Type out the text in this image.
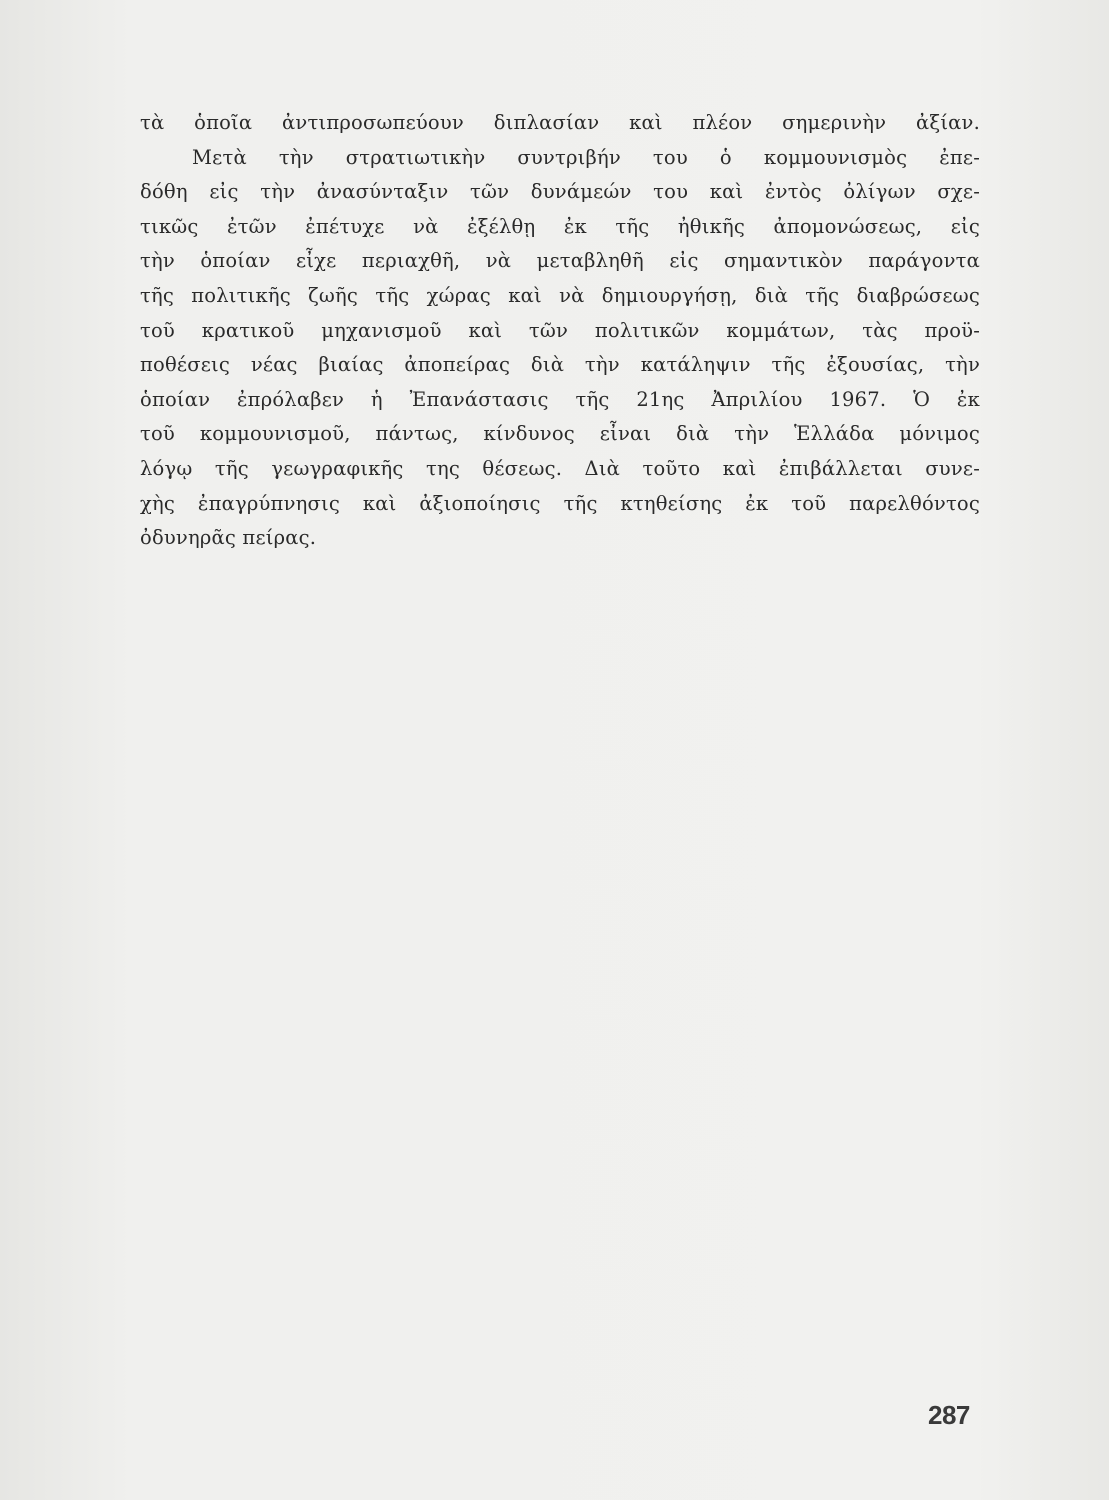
τὰ ὁποῖα ἀντιπροσωπεύουν διπλασίαν καὶ πλέον σημερινὴν ἀξίαν.
Μετὰ τὴν στρατιωτικὴν συντριβήν του ὁ κομμουνισμὸς ἐπε-
δόθη εἰς τὴν ἀνασύνταξιν τῶν δυνάμεών του καὶ ἐντὸς ὀλίγων σχε-
τικῶς ἐτῶν ἐπέτυχε νὰ ἐξέλθῃ ἐκ τῆς ἠθικῆς ἀπομονώσεως, εἰς
τὴν ὁποίαν εἶχε περιαχθῆ, νὰ μεταβληθῆ εἰς σημαντικὸν παράγοντα
τῆς πολιτικῆς ζωῆς τῆς χώρας καὶ νὰ δημιουργήσῃ, διὰ τῆς διαβρώσεως
τοῦ κρατικοῦ μηχανισμοῦ καὶ τῶν πολιτικῶν κομμάτων, τὰς προϋ-
ποθέσεις νέας βιαίας ἀποπείρας διὰ τὴν κατάληψιν τῆς ἐξουσίας, τὴν
ὁποίαν ἐπρόλαβεν ἡ Ἐπανάστασις τῆς 21ης Ἀπριλίου 1967. Ὁ ἐκ
τοῦ κομμουνισμοῦ, πάντως, κίνδυνος εἶναι διὰ τὴν Ἑλλάδα μόνιμος
λόγῳ τῆς γεωγραφικῆς της θέσεως. Διὰ τοῦτο καὶ ἐπιβάλλεται συνε-
χὴς ἐπαγρύπνησις καὶ ἀξιοποίησις τῆς κτηθείσης ἐκ τοῦ παρελθόντος
ὀδυνηρᾶς πείρας.
287
